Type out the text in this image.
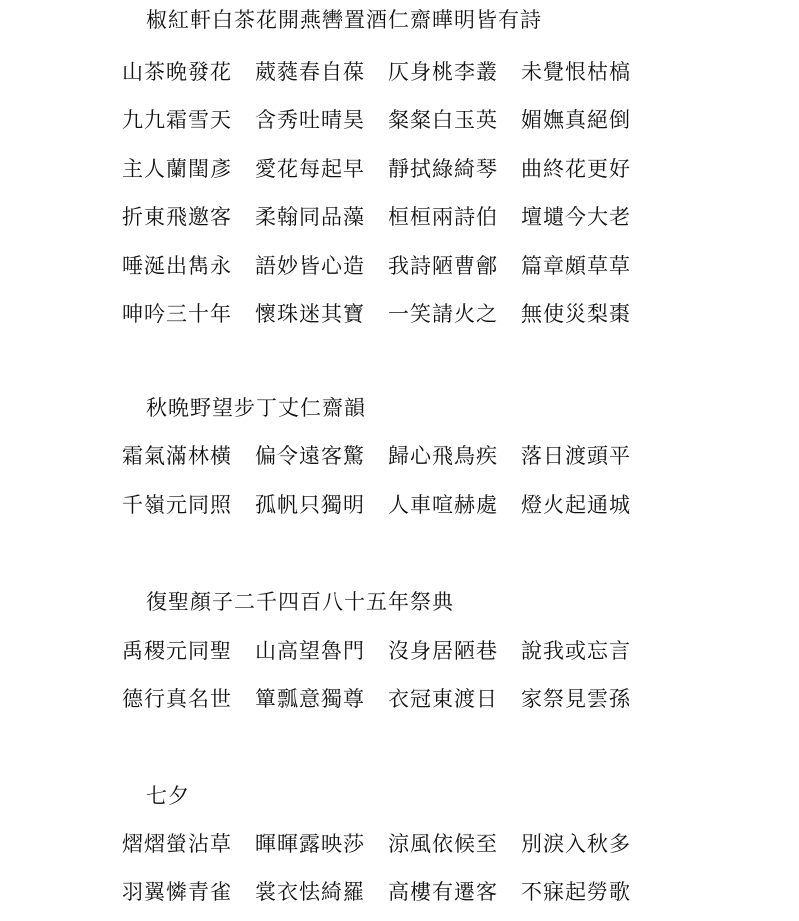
椒紅軒白茶花開燕轡置酒仁齋曄明皆有詩
山茶晩發花 葳蕤春自葆 仄身桃李叢 未覺恨枯槁
九九霜雪天 含秀吐晴昊 粲粲白玉英 媚嫵真絕倒
主人蘭閨彥 愛花每起早 靜拭綠綺琴 曲終花更好
折東飛邀客 柔翰同品藻 桓桓兩詩伯 壇壝今大老
唾涎出雋永 語妙皆心造 我詩陋曹鄶 篇章頗草草
呻吟三十年 懷珠迷其寶 一笑請火之 無使災梨棗
秋晩野望步丁丈仁齋韻
霜氣滿林橫 偏令遠客驚 歸心飛鳥疾 落日渡頭平
千嶺元同照 孤帆只獨明 人車喧赫處 燈火起通城
復聖顏子二千四百八十五年祭典
禹稷元同聖 山高望魯門 沒身居陋巷 說我或忘言
德行真名世 簞瓢意獨尊 衣冠東渡日 家祭見雲孫
七夕
熠熠螢沾草 暉暉露映莎 涼風依候至 別淚入秋多
羽翼憐青雀 裳衣怯綺羅 高樓有遷客 不寐起勞歌
